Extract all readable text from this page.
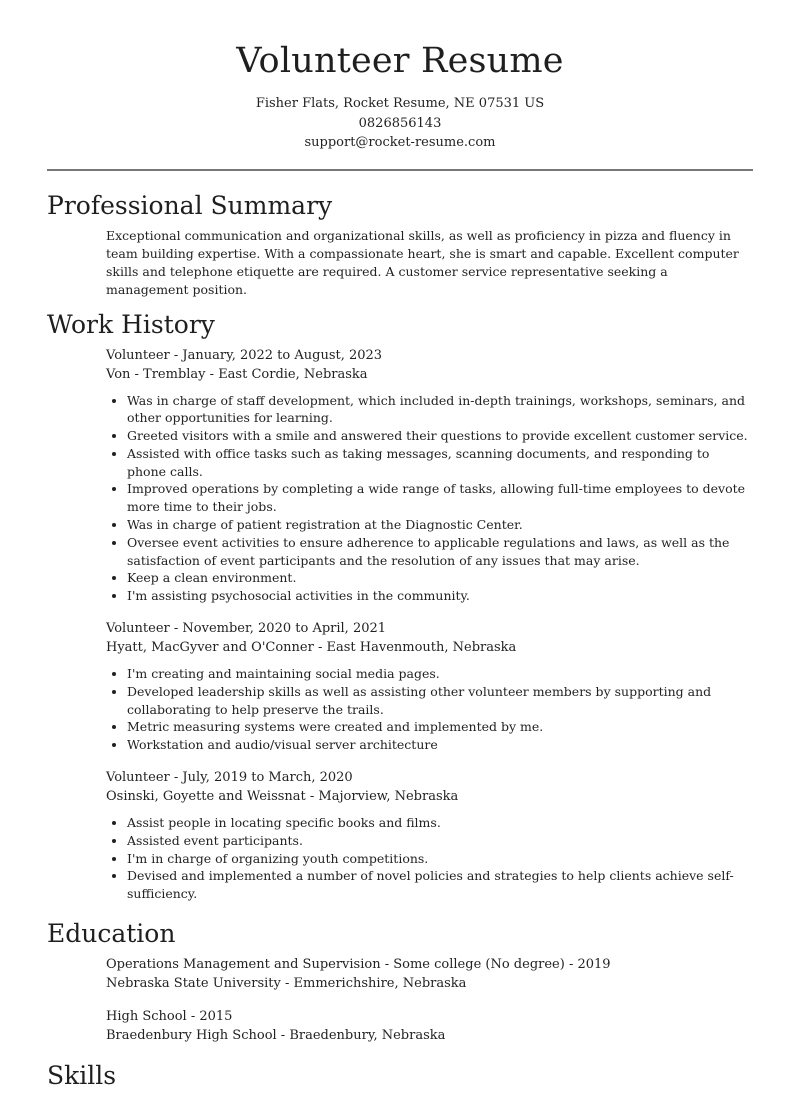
Volunteer Resume
Fisher Flats, Rocket Resume, NE 07531 US
0826856143
support@rocket-resume.com
Professional Summary
Exceptional communication and organizational skills, as well as proficiency in pizza and fluency in team building expertise. With a compassionate heart, she is smart and capable. Excellent computer skills and telephone etiquette are required. A customer service representative seeking a management position.
Work History
Volunteer - January, 2022 to August, 2023
Von - Tremblay - East Cordie, Nebraska
• Was in charge of staff development, which included in-depth trainings, workshops, seminars, and other opportunities for learning.
• Greeted visitors with a smile and answered their questions to provide excellent customer service.
• Assisted with office tasks such as taking messages, scanning documents, and responding to phone calls.
• Improved operations by completing a wide range of tasks, allowing full-time employees to devote more time to their jobs.
• Was in charge of patient registration at the Diagnostic Center.
• Oversee event activities to ensure adherence to applicable regulations and laws, as well as the satisfaction of event participants and the resolution of any issues that may arise.
• Keep a clean environment.
• I'm assisting psychosocial activities in the community.
Volunteer - November, 2020 to April, 2021
Hyatt, MacGyver and O'Conner - East Havenmouth, Nebraska
• I'm creating and maintaining social media pages.
• Developed leadership skills as well as assisting other volunteer members by supporting and collaborating to help preserve the trails.
• Metric measuring systems were created and implemented by me.
• Workstation and audio/visual server architecture
Volunteer - July, 2019 to March, 2020
Osinski, Goyette and Weissnat - Majorview, Nebraska
• Assist people in locating specific books and films.
• Assisted event participants.
• I'm in charge of organizing youth competitions.
• Devised and implemented a number of novel policies and strategies to help clients achieve self-sufficiency.
Education
Operations Management and Supervision - Some college (No degree) - 2019
Nebraska State University - Emmerichshire, Nebraska
High School - 2015
Braedenbury High School - Braedenbury, Nebraska
Skills
